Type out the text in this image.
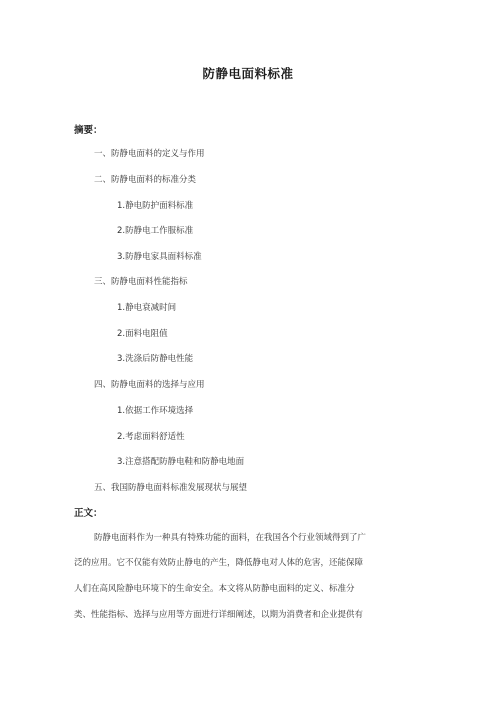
防静电面料标准
摘要：
一、防静电面料的定义与作用
二、防静电面料的标准分类
1.静电防护面料标准
2.防静电工作服标准
3.防静电家具面料标准
三、防静电面料性能指标
1.静电衰减时间
2.面料电阻值
3.洗涤后防静电性能
四、防静电面料的选择与应用
1.依据工作环境选择
2.考虑面料舒适性
3.注意搭配防静电鞋和防静电地面
五、我国防静电面料标准发展现状与展望
正文：
防静电面料作为一种具有特殊功能的面料，在我国各个行业领域得到了广
泛的应用。它不仅能有效防止静电的产生，降低静电对人体的危害，还能保障
人们在高风险静电环境下的生命安全。本文将从防静电面料的定义、标准分
类、性能指标、选择与应用等方面进行详细阐述，以期为消费者和企业提供有
